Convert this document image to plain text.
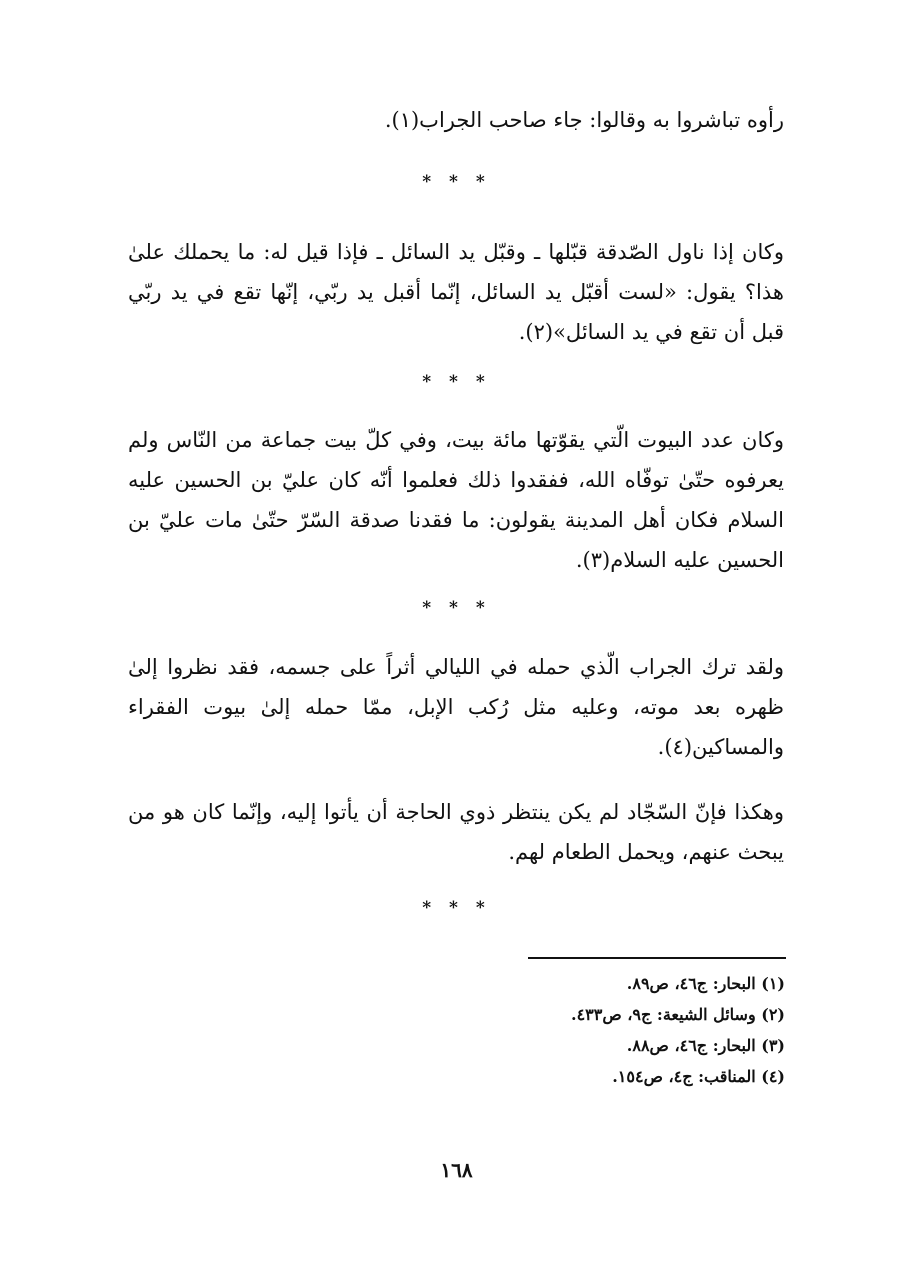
رأوه تباشروا به وقالوا: جاء صاحب الجراب(١).

* * *

وكان إذا ناول الصّدقة قبّلها ـ وقبّل يد السائل ـ فإذا قيل له: ما يحملك علىٰ هذا؟ يقول: «لست أقبّل يد السائل، إنّما أقبل يد ربّي، إنّها تقع في يد ربّي قبل أن تقع في يد السائل»(٢).

* * *

وكان عدد البيوت الّتي يقوّتها مائة بيت، وفي كلّ بيت جماعة من النّاس ولم يعرفوه حتّىٰ توفّاه الله، ففقدوا ذلك فعلموا أنّه كان عليّ بن الحسين عليه السلام فكان أهل المدينة يقولون: ما فقدنا صدقة السّرّ حتّىٰ مات عليّ بن الحسين عليه السلام(٣).

* * *

ولقد ترك الجراب الّذي حمله في الليالي أثراً على جسمه، فقد نظروا إلىٰ ظهره بعد موته، وعليه مثل رُكب الإبل، ممّا حمله إلىٰ بيوت الفقراء والمساكين(٤).

وهكذا فإنّ السّجّاد لم يكن ينتظر ذوي الحاجة أن يأتوا إليه، وإنّما كان هو من يبحث عنهم، ويحمل الطعام لهم.

* * *
(١) البحار: ج٤٦، ص٨٩.
(٢) وسائل الشيعة: ج٩، ص٤٣٣.
(٣) البحار: ج٤٦، ص٨٨.
(٤) المناقب: ج٤، ص١٥٤.
١٦٨
